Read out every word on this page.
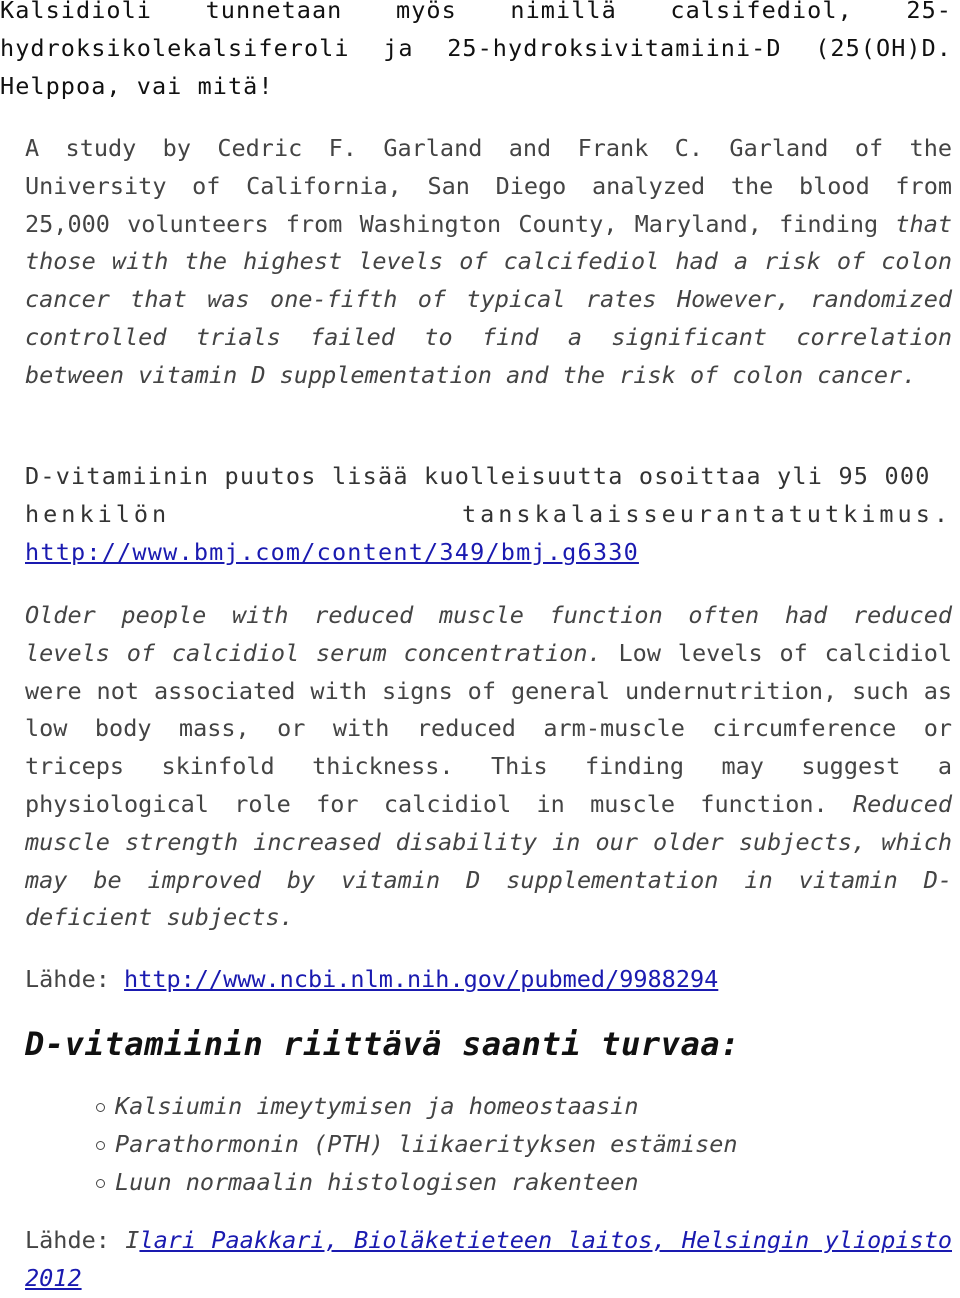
Kalsidioli tunnetaan myös nimillä calsifediol, 25-hydroksikolekalsiferoli ja 25-hydroksivitamiini-D (25(OH)D. Helppoa, vai mitä!

A study by Cedric F. Garland and Frank C. Garland of the University of California, San Diego analyzed the blood from 25,000 volunteers from Washington County, Maryland, finding that those with the highest levels of calcifediol had a risk of colon cancer that was one-fifth of typical rates However, randomized controlled trials failed to find a significant correlation between vitamin D supplementation and the risk of colon cancer.

D-vitamiinin puutos lisää kuolleisuutta osoittaa yli 95 000
henkilön	tanskalaisseurantatutkimus.
http://www.bmj.com/content/349/bmj.g6330

Older people with reduced muscle function often had reduced levels of calcidiol serum concentration. Low levels of calcidiol were not associated with signs of general undernutrition, such as low body mass, or with reduced arm-muscle circumference or triceps skinfold thickness. This finding may suggest a physiological role for calcidiol in muscle function. Reduced muscle strength increased disability in our older subjects, which may be improved by vitamin D supplementation in vitamin D-deficient subjects.

Lähde: http://www.ncbi.nlm.nih.gov/pubmed/9988294

D-vitamiinin riittävä saanti turvaa:
Kalsiumin imeytymisen ja homeostaasin
Parathormonin (PTH) liikaerityksen estämisen
Luun normaalin histologisen rakenteen

Lähde: Ilari Paakkari, Bioläketieteen laitos, Helsingin yliopisto 2012
